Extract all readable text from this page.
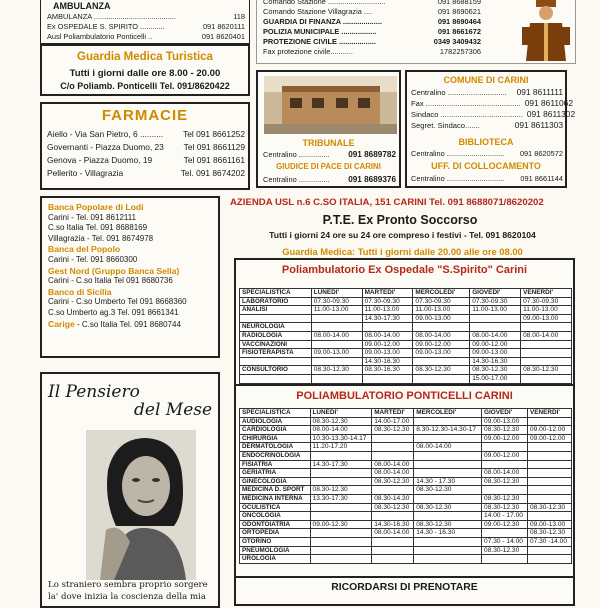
AMBULANZA
AMBULANZA ........................................	118
Ex OSPEDALE S. SPIRITO ............	091 8620111
Ausl Poliambulatorio Ponticelli ..	091 8620401
Comando Stazione ............................	091 8688159
Comando Stazione Villagrazia ....	091 8690621
GUARDIA DI FINANZA ...................	091 8690464
POLIZIA MUNICIPALE .................	091 8661672
PROTEZIONE CIVILE ..................	0349 3409432
Fax protezione civile...........	1782257306
Guardia Medica Turistica
Tutti i giorni dalle ore 8.00 - 20.00
C/o Poliamb. Ponticelli Tel. 091/8620422
FARMACIE
Aiello - Via San Pietro, 6 .......... Tel 091 8661252
Governanti - Piazza Duomo, 23 Tel 091 8661129
Genova - Piazza Duomo, 19	Tel 091 8661161
Pellerito - Villagrazia	Tel. 091 8674202
TRIBUNALE
Centralino ............... 091 8689782
GIUDICE DI PACE DI CARINI
Centralino ............... 091 8689376
COMUNE DI CARINI
Centralino ............................ 091 8611111
Fax ............................................. 091 8611062
Sindaco ....................................... 091 8611302
Segret. Sindaco.......	091 8611303
BIBLIOTECA
Centralino ............................ 091 8620572
UFF. DI COLLOCAMENTO
Centralino ............................ 091 8661144
Banca Popolare di Lodi
Carini - Tel. 091 8612111
C.so Italia Tel. 091 8688169
Villagrazia - Tel. 091 8674978
Banca del Popolo
Carini - Tel. 091 8660300
Gest Nord (Gruppo Banca Sella)
Carini - C.so Italia Tel 091 8680736
Banco di Sicilia
Carini - C.so Umberto Tel 091 8668360
C.so Umberto ag.3 Tel. 091 8661341
Carige - C.so Italia Tel. 091 8680744
Il Pensiero
del Mese
Lo straniero sembra proprio sorgere
la' dove inizia la coscienza della mia
AZIENDA USL n.6 C.SO ITALIA, 151 CARINI Tel. 091 8688071/8620202
P.T.E. Ex Pronto Soccorso
Tutti i giorni 24 ore su 24 ore compreso i festivi - Tel. 091 8620104
Guardia Medica: Tutti i giorni dalle 20.00 alle ore 08.00
Poliambulatorio Ex Ospedale "S.Spirito" Carini
SPECIALISTICA	LUNEDI'	MARTEDI'	MERCOLEDI'	GIOVEDI'	VENERDI'
LABORATORIO	07.30-09.30	07.30-09.30	07.30-09.30	07.30-09.30	07.30-09.30
ANALISI	11.00-13.00	11.00-13.00	11.00-13.00	11.00-13.00	11.00-13.00
		14.30-17.30	09.00-13.00		09.00-13.00
NEUROLOGIA					
RADIOLOGIA	08.00-14.00	08.00-14.00	08.00-14.00	08.00-14.00	08.00-14.00
VACCINAZIONI		09.00-12.00	09.00-12.00	09.00-12.00	
FISIOTERAPISTA	09.00-13.00	09.00-13.00	09.00-13.00	09.00-13.00	
		14.30-16.30		14.30-16.30	
CONSULTORIO	08.30-12.30	08.30-16.30	08.30-12.30	08.30-12.30	08.30-12.30
				15.00-17.00	
POLIAMBULATORIO PONTICELLI CARINI
SPECIALISTICA	LUNEDI'	MARTEDI'	MERCOLEDI'	GIOVEDI'	VENERDI'
AUDIOLOGIA	08.30-12.30	14.00-17.00		09.00-13.00	
CARDIOLOGIA	08.00-14.00	08.30-12.30	8.30-12.30-14.30-17	08.30-12.30	09.00-12.00
CHIRURGIA	10.30-13.30-14.17			09.00-12.00	09.00-12.00
DERMATOLOGIA	11.20-17.20		08.00-14.00		
ENDOCRINOLOGIA				09.00-12.00	
FISIATRIA	14.30-17.30	08.00-14.00			
GERIATRIA		08.00-14.00		08.00-14.00	
GINECOLOGIA		08.30-12.30	14.30 - 17.30	08.30-12.30	
MEDICINA D. SPORT	08.30-12.30		08.30-12.30		
MEDICINA INTERNA	13.30-17.30	08.30-14.30		08.30-12.30	
OCULISTICA		08.30-12.30	08.30-12.30	08.30-12.30	08.30-12.30
ONCOLOGIA				14.00 - 17.00	
ODONTOIATRIA	09.00-12.30	14.30-16.30	08.30-12.30	09.00-12.30	09.00-13.00
ORTOPEDIA		08.00-14.00	14.30 - 16.30		08.30-12.30
OTORINO				07.30 - 14.00	07.30 -14.00
PNEUMOLOGIA				08.30-12.30	
UROLOGIA					
RICORDARSI DI PRENOTARE
